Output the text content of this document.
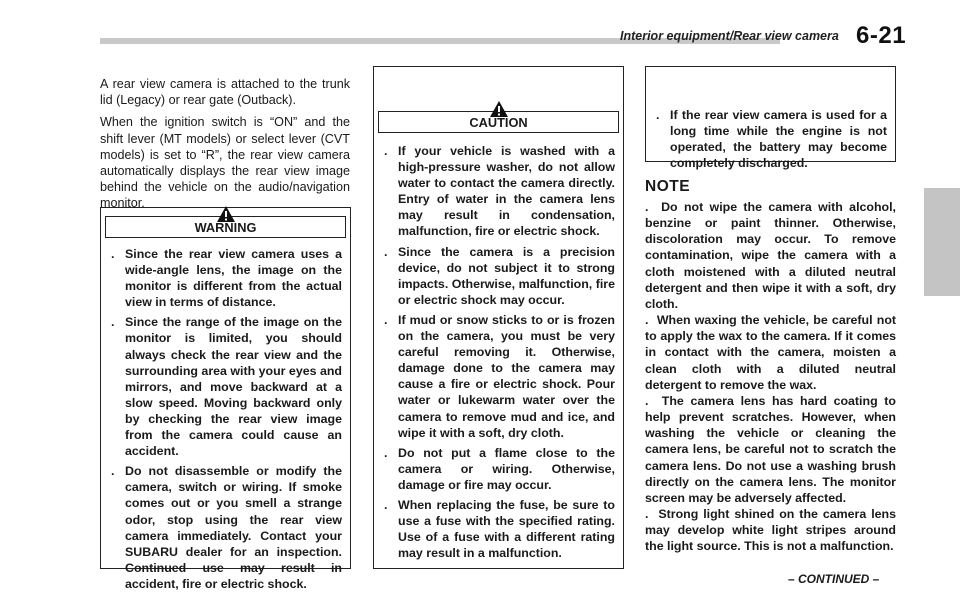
Interior equipment/Rear view camera 6-21

A rear view camera is attached to the trunk lid (Legacy) or rear gate (Outback).

When the ignition switch is “ON” and the shift lever (MT models) or select lever (CVT models) is set to “R”, the rear view camera automatically displays the rear view image behind the vehicle on the audio/navigation monitor.

WARNING
. Since the rear view camera uses a wide-angle lens, the image on the monitor is different from the actual view in terms of distance.
. Since the range of the image on the monitor is limited, you should always check the rear view and the surrounding area with your eyes and mirrors, and move backward at a slow speed. Moving backward only by checking the rear view image from the camera could cause an accident.
. Do not disassemble or modify the camera, switch or wiring. If smoke comes out or you smell a strange odor, stop using the rear view camera immediately. Contact your SUBARU dealer for an inspection. Continued use may result in accident, fire or electric shock.
CAUTION
. If your vehicle is washed with a high-pressure washer, do not allow water to contact the camera directly. Entry of water in the camera lens may result in condensation, malfunction, fire or electric shock.
. Since the camera is a precision device, do not subject it to strong impacts. Otherwise, malfunction, fire or electric shock may occur.
. If mud or snow sticks to or is frozen on the camera, you must be very careful removing it. Otherwise, damage done to the camera may cause a fire or electric shock. Pour water or lukewarm water over the camera to remove mud and ice, and wipe it with a soft, dry cloth.
. Do not put a flame close to the camera or wiring. Otherwise, damage or fire may occur.
. When replacing the fuse, be sure to use a fuse with the specified rating. Use of a fuse with a different rating may result in a malfunction.
. If the rear view camera is used for a long time while the engine is not operated, the battery may become completely discharged.
NOTE
.  Do not wipe the camera with alcohol, benzine or paint thinner. Otherwise, discoloration may occur. To remove contamination, wipe the camera with a cloth moistened with a diluted neutral detergent and then wipe it with a soft, dry cloth.
.  When waxing the vehicle, be careful not to apply the wax to the camera. If it comes in contact with the camera, moisten a clean cloth with a diluted neutral detergent to remove the wax.
.  The camera lens has hard coating to help prevent scratches. However, when washing the vehicle or cleaning the camera lens, be careful not to scratch the camera lens. Do not use a washing brush directly on the camera lens. The monitor screen may be adversely affected.
.  Strong light shined on the camera lens may develop white light stripes around the light source. This is not a malfunction.
– CONTINUED –
